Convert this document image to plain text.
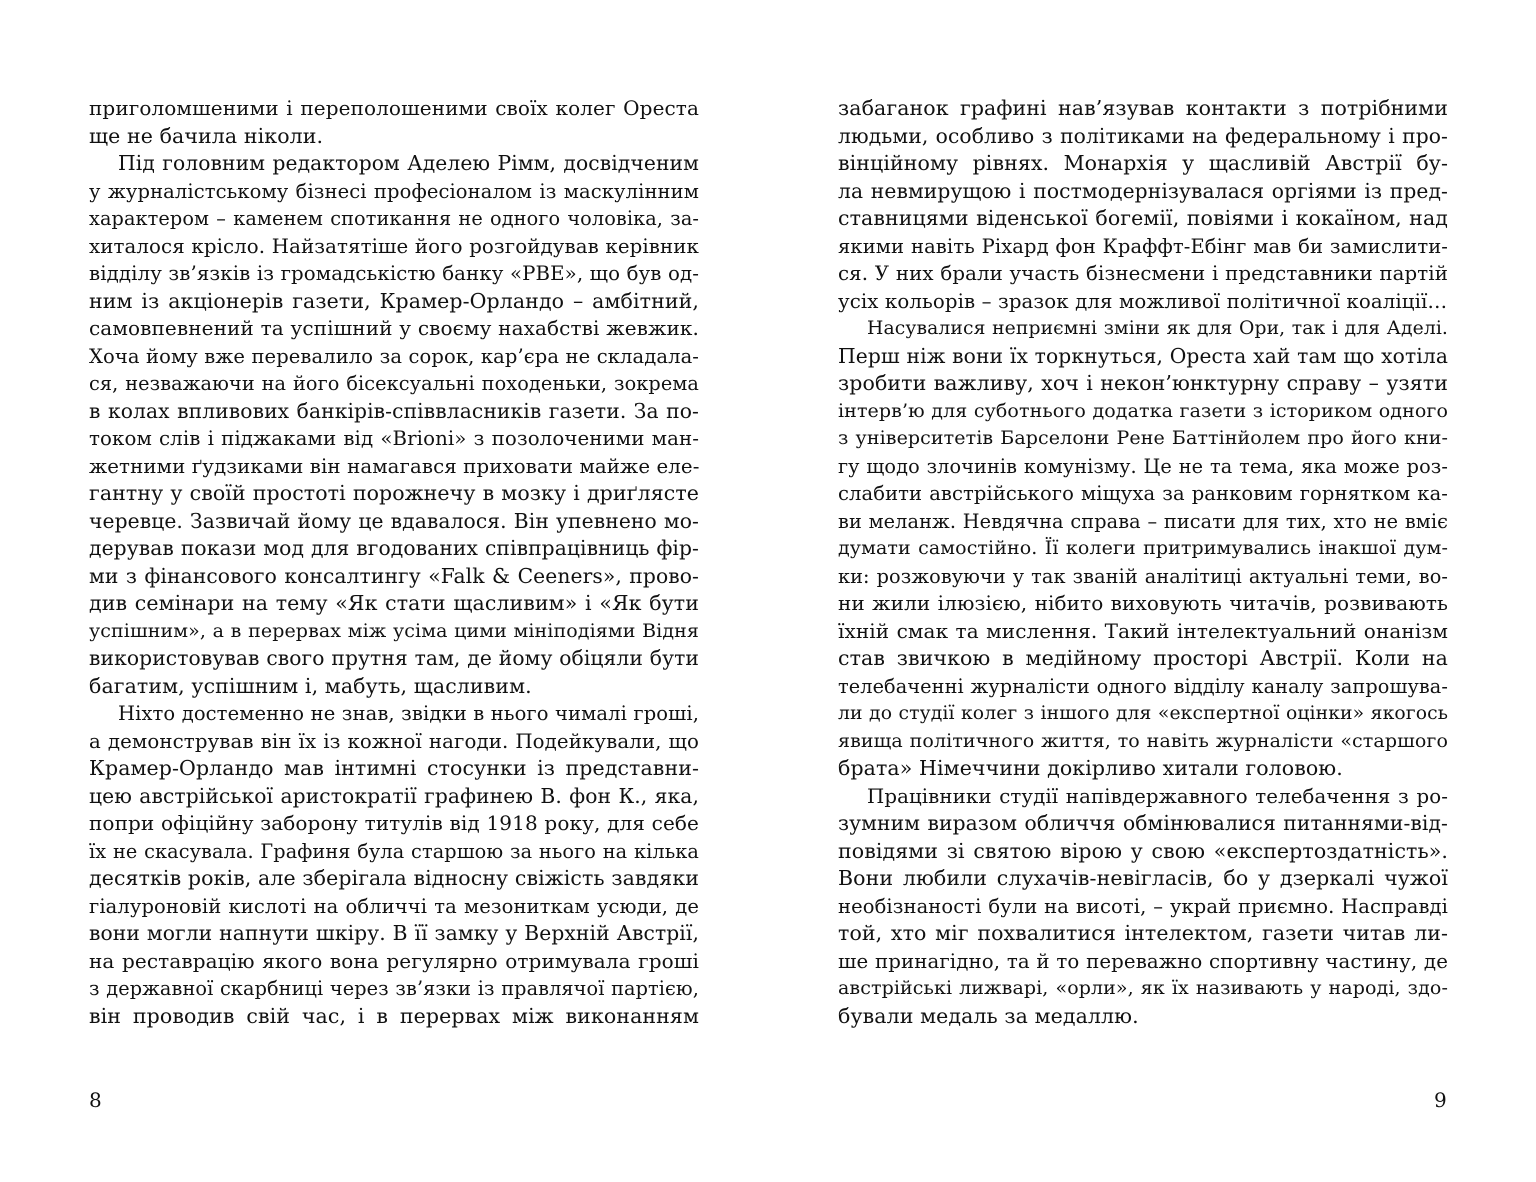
приголомшеними і переполошеними своїх колег Ореста
ще не бачила ніколи.
Під головним редактором Аделею Рімм, досвідченим
у журналістському бізнесі професіоналом із маскулінним
характером – каменем спотикання не одного чоловіка, за-
хиталося крісло. Найзатятіше його розгойдував керівник
відділу зв’язків із громадськістю банку «РВЕ», що був од-
ним із акціонерів газети, Крамер-Орландо – амбітний,
самовпевнений та успішний у своєму нахабстві жевжик.
Хоча йому вже перевалило за сорок, кар’єра не складала-
ся, незважаючи на його бісексуальні походеньки, зокрема
в колах впливових банкірів-співвласників газети. За по-
током слів і піджаками від «Brioni» з позолоченими ман-
жетними ґудзиками він намагався приховати майже еле-
гантну у своїй простоті порожнечу в мозку і дриґлясте
черевце. Зазвичай йому це вдавалося. Він упевнено мо-
дерував покази мод для вгодованих співпрацівниць фір-
ми з фінансового консалтингу «Falk & Ceeners», прово-
див семінари на тему «Як стати щасливим» і «Як бути
успішним», а в перервах між усіма цими мініподіями Відня
використовував свого прутня там, де йому обіцяли бути
багатим, успішним і, мабуть, щасливим.
Ніхто достеменно не знав, звідки в нього чималі гроші,
а демонстрував він їх із кожної нагоди. Подейкували, що
Крамер-Орландо мав інтимні стосунки із представни-
цею австрійської аристократії графинею В. фон К., яка,
попри офіційну заборону титулів від 1918 року, для себе
їх не скасувала. Графиня була старшою за нього на кілька
десятків років, але зберігала відносну свіжість завдяки
гіалуроновій кислоті на обличчі та мезониткам усюди, де
вони могли напнути шкіру. В її замку у Верхній Австрії,
на реставрацію якого вона регулярно отримувала гроші
з державної скарбниці через зв’язки із правлячої партією,
він проводив свій час, і в перервах між виконанням
8
забаганок графині нав’язував контакти з потрібними
людьми, особливо з політиками на федеральному і про-
вінційному рівнях. Монархія у щасливій Австрії бу-
ла невмирущою і постмодернізувалася оргіями із пред-
ставницями віденської богемії, повіями і кокаїном, над
якими навіть Ріхард фон Краффт-Ебінг мав би замислити-
ся. У них брали участь бізнесмени і представники партій
усіх кольорів – зразок для можливої політичної коаліції…
Насувалися неприємні зміни як для Ори, так і для Аделі.
Перш ніж вони їх торкнуться, Ореста хай там що хотіла
зробити важливу, хоч і некон’юнктурну справу – узяти
інтерв’ю для суботнього додатка газети з істориком одного
з університетів Барселони Рене Баттінйолем про його кни-
гу щодо злочинів комунізму. Це не та тема, яка може роз-
слабити австрійського міщуха за ранковим горнятком ка-
ви меланж. Невдячна справа – писати для тих, хто не вміє
думати самостійно. Її колеги притримувались інакшої дум-
ки: розжовуючи у так званій аналітиці актуальні теми, во-
ни жили ілюзією, нібито виховують читачів, розвивають
їхній смак та мислення. Такий інтелектуальний онанізм
став звичкою в медійному просторі Австрії. Коли на
телебаченні журналісти одного відділу каналу запрошува-
ли до студії колег з іншого для «експертної оцінки» якогось
явища політичного життя, то навіть журналісти «старшого
брата» Німеччини докірливо хитали головою.
Працівники студії напівдержавного телебачення з ро-
зумним виразом обличчя обмінювалися питаннями-від-
повідями зі святою вірою у свою «експертоздатність».
Вони любили слухачів-невігласів, бо у дзеркалі чужої
необізнаності були на висоті, – украй приємно. Насправді
той, хто міг похвалитися інтелектом, газети читав ли-
ше принагідно, та й то переважно спортивну частину, де
австрійські лижварі, «орли», як їх називають у народі, здо-
бували медаль за медаллю.
9
